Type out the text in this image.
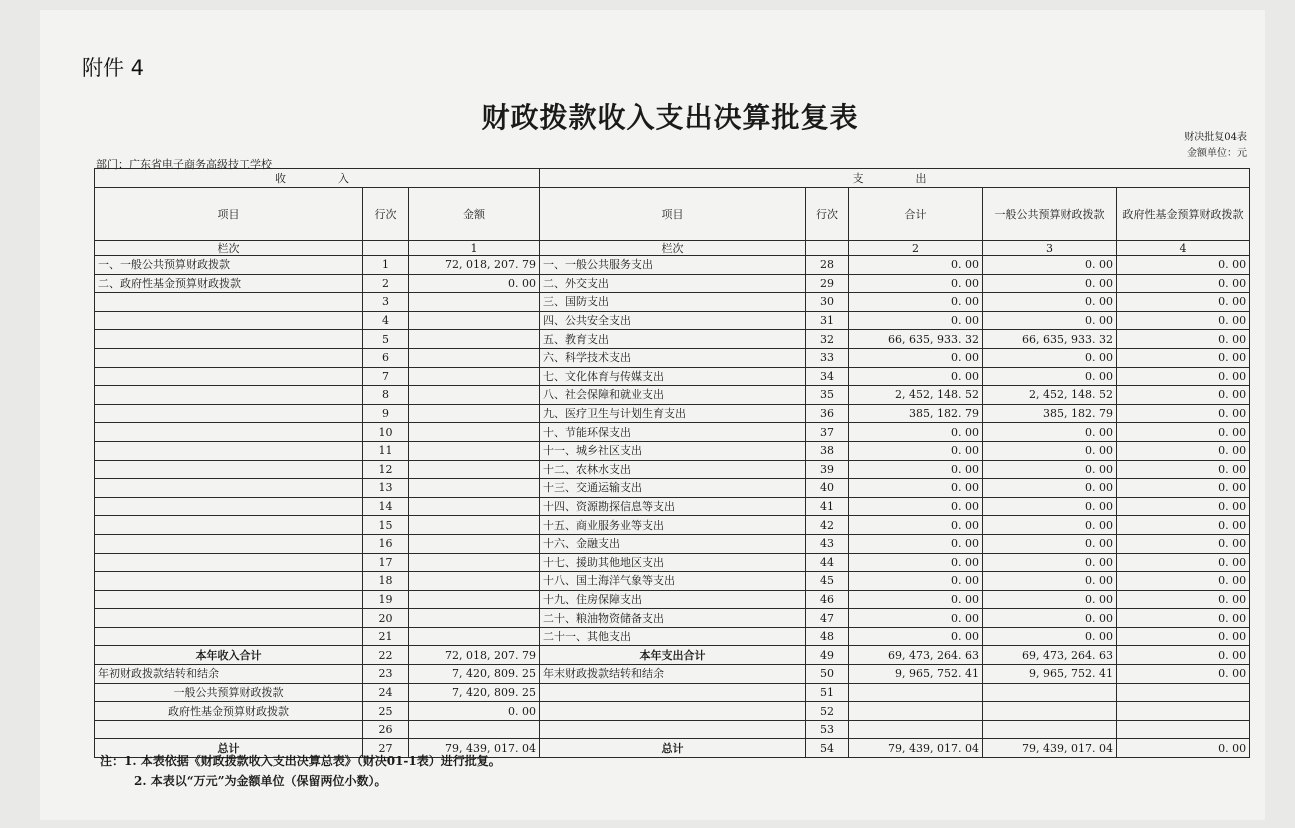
附件 4
财政拨款收入支出决算批复表
财决批复04表
金额单位：元
部门：广东省电子商务高级技工学校
收　　入			支　　出				
项目	行次	金额	项目	行次	合计	一般公共预算财政拨款	政府性基金预算财政拨款
栏次		1	栏次		2	3	4
一、一般公共预算财政拨款	1	72, 018, 207. 79	一、一般公共服务支出	28	0. 00	0. 00	0. 00
二、政府性基金预算财政拨款	2	0. 00	二、外交支出	29	0. 00	0. 00	0. 00
	3		三、国防支出	30	0. 00	0. 00	0. 00
	4		四、公共安全支出	31	0. 00	0. 00	0. 00
	5		五、教育支出	32	66, 635, 933. 32	66, 635, 933. 32	0. 00
	6		六、科学技术支出	33	0. 00	0. 00	0. 00
	7		七、文化体育与传媒支出	34	0. 00	0. 00	0. 00
	8		八、社会保障和就业支出	35	2, 452, 148. 52	2, 452, 148. 52	0. 00
	9		九、医疗卫生与计划生育支出	36	385, 182. 79	385, 182. 79	0. 00
	10		十、节能环保支出	37	0. 00	0. 00	0. 00
	11		十一、城乡社区支出	38	0. 00	0. 00	0. 00
	12		十二、农林水支出	39	0. 00	0. 00	0. 00
	13		十三、交通运输支出	40	0. 00	0. 00	0. 00
	14		十四、资源勘探信息等支出	41	0. 00	0. 00	0. 00
	15		十五、商业服务业等支出	42	0. 00	0. 00	0. 00
	16		十六、金融支出	43	0. 00	0. 00	0. 00
	17		十七、援助其他地区支出	44	0. 00	0. 00	0. 00
	18		十八、国土海洋气象等支出	45	0. 00	0. 00	0. 00
	19		十九、住房保障支出	46	0. 00	0. 00	0. 00
	20		二十、粮油物资储备支出	47	0. 00	0. 00	0. 00
	21		二十一、其他支出	48	0. 00	0. 00	0. 00
本年收入合计	22	72, 018, 207. 79	本年支出合计	49	69, 473, 264. 63	69, 473, 264. 63	0. 00
年初财政拨款结转和结余	23	7, 420, 809. 25	年末财政拨款结转和结余	50	9, 965, 752. 41	9, 965, 752. 41	0. 00
一般公共预算财政拨款	24	7, 420, 809. 25		51			
政府性基金预算财政拨款	25	0. 00		52			
	26			53			
总计	27	79, 439, 017. 04	总计	54	79, 439, 017. 04	79, 439, 017. 04	0. 00
注：1. 本表依据《财政拨款收入支出决算总表》（财决01-1表）进行批复。
2. 本表以“万元”为金额单位（保留两位小数）。
